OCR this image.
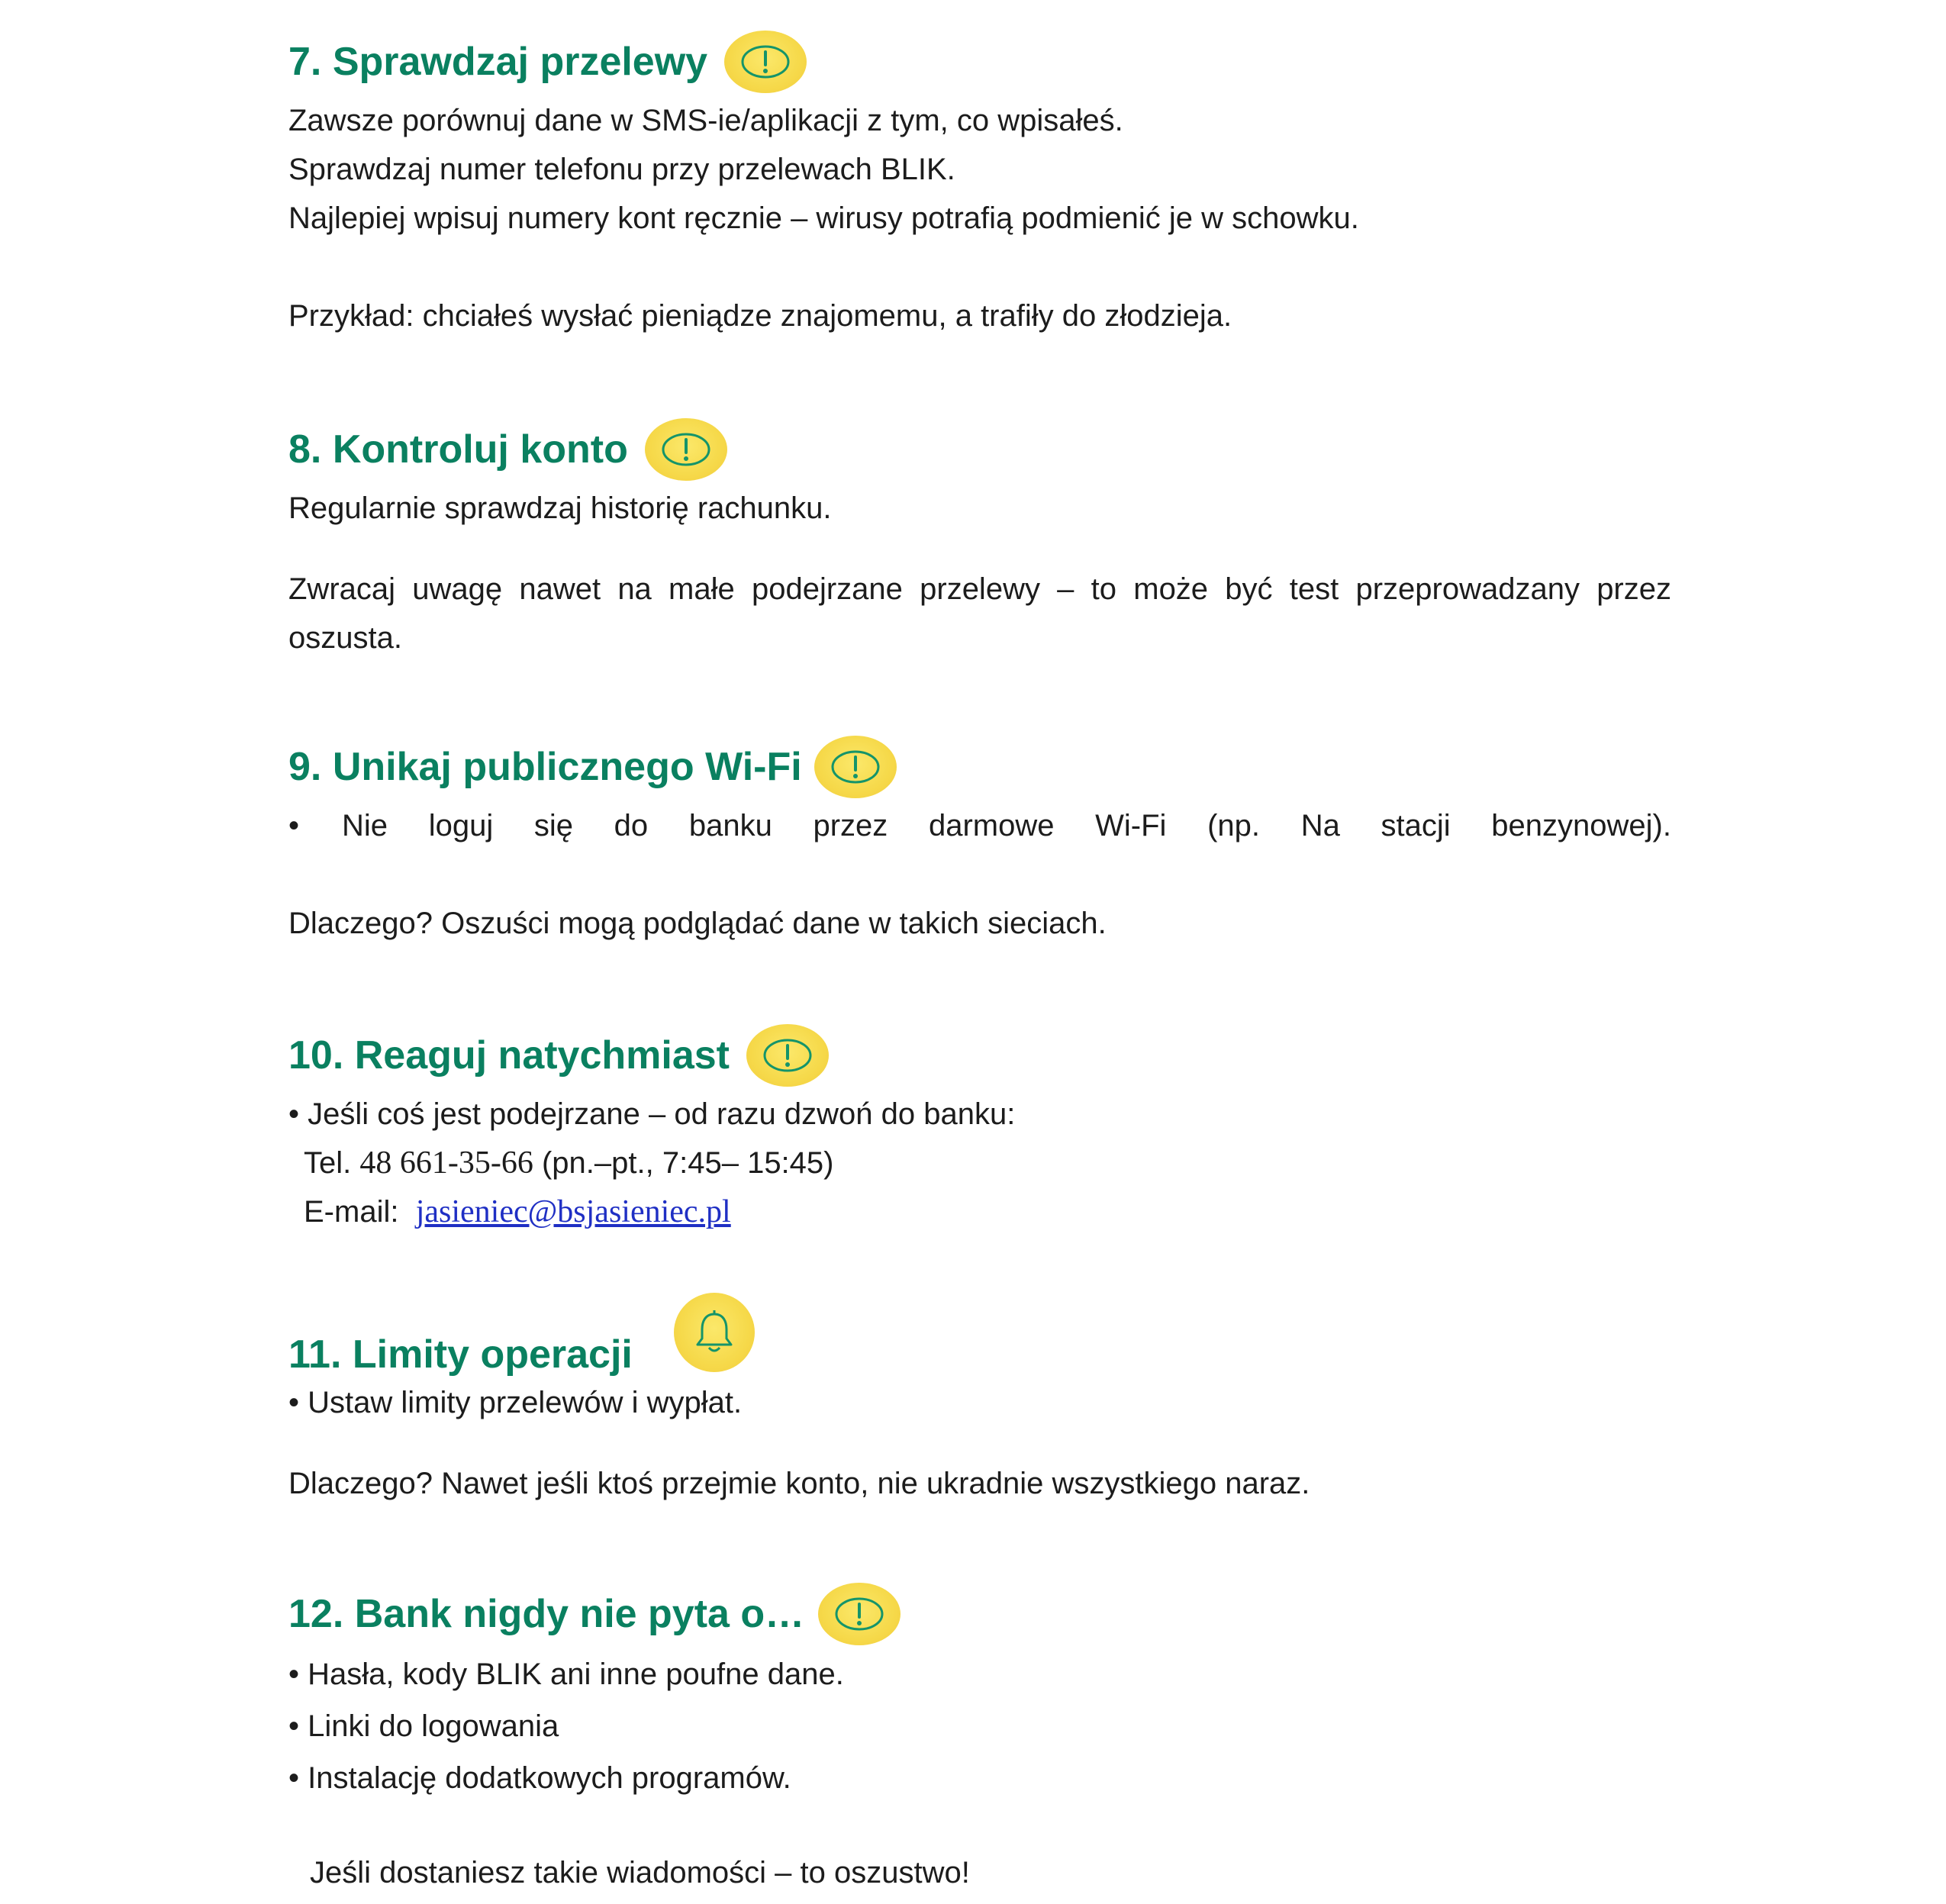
7. Sprawdzaj przelewy

Zawsze porównuj dane w SMS-ie/aplikacji z tym, co wpisałeś.

Sprawdzaj numer telefonu przy przelewach BLIK.

Najlepiej wpisuj numery kont ręcznie – wirusy potrafią podmienić je w schowku.

Przykład: chciałeś wysłać pieniądze znajomemu, a trafiły do złodzieja.

8. Kontroluj konto

Regularnie sprawdzaj historię rachunku.

Zwracaj uwagę nawet na małe podejrzane przelewy – to może być test przeprowadzany przez oszusta.

9. Unikaj publicznego Wi-Fi
•	Nie loguj się do banku przez darmowe Wi-Fi (np. Na stacji benzynowej).

Dlaczego? Oszuści mogą podglądać dane w takich sieciach.

10. Reaguj natychmiast

• Jeśli coś jest podejrzane – od razu dzwoń do banku:

Tel. 48 661-35-66 (pn.–pt., 7:45– 15:45)

E-mail: jasieniec@bsjasieniec.pl

11. Limity operacji

• Ustaw limity przelewów i wypłat.

Dlaczego? Nawet jeśli ktoś przejmie konto, nie ukradnie wszystkiego naraz.

12. Bank nigdy nie pyta o…

• Hasła, kody BLIK ani inne poufne dane.

• Linki do logowania

• Instalację dodatkowych programów.

Jeśli dostaniesz takie wiadomości – to oszustwo!
